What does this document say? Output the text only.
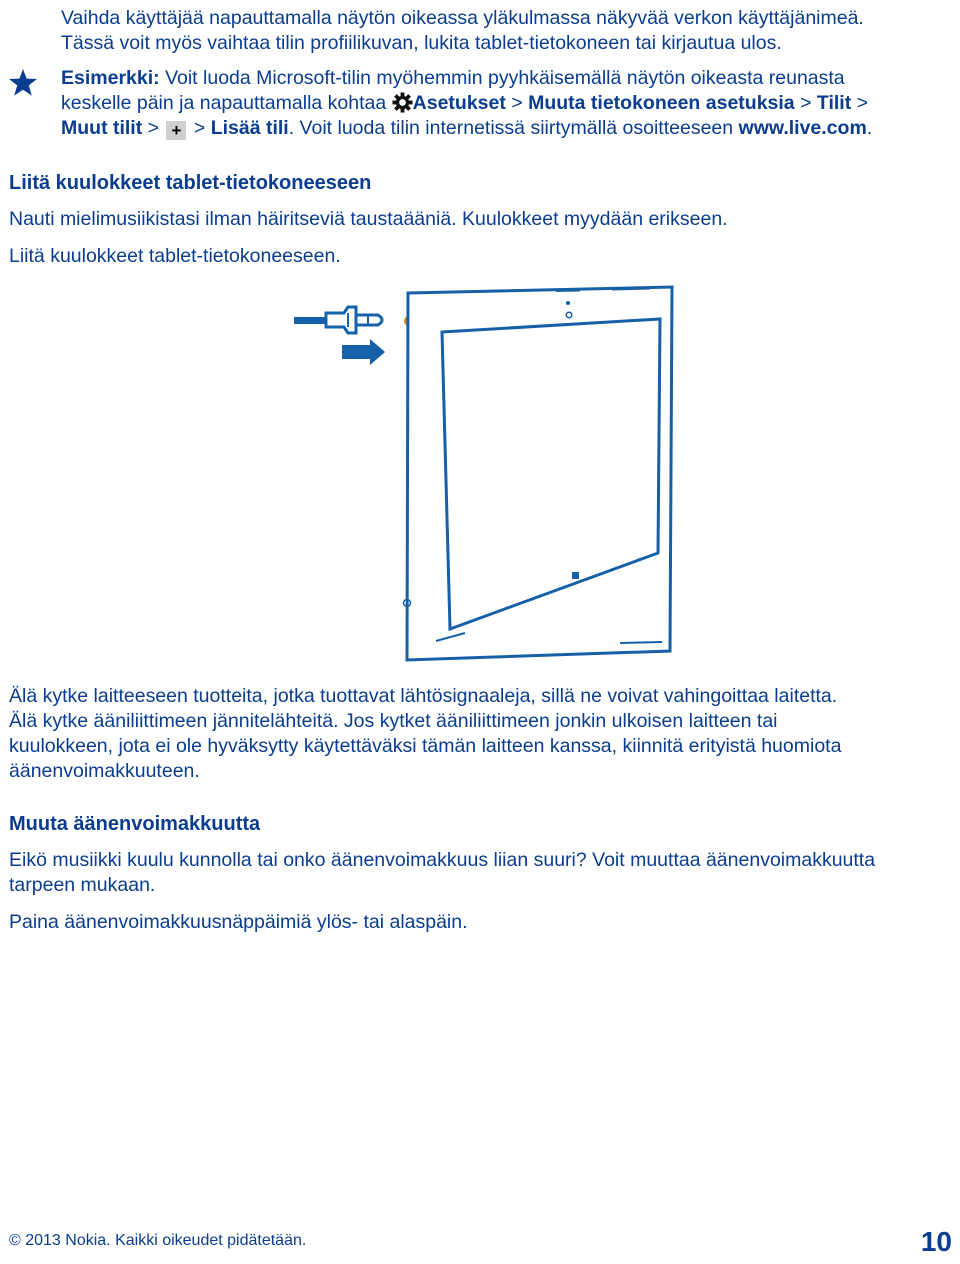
Vaihda käyttäjää napauttamalla näytön oikeassa yläkulmassa näkyvää verkon käyttäjänimeä.
Tässä voit myös vaihtaa tilin profiilikuvan, lukita tablet-tietokoneen tai kirjautua ulos.
Esimerkki: Voit luoda Microsoft-tilin myöhemmin pyyhkäisemällä näytön oikeasta reunasta
keskelle päin ja napauttamalla kohtaa Asetukset > Muuta tietokoneen asetuksia > Tilit >
Muut tilit > + > Lisää tili. Voit luoda tilin internetissä siirtymällä osoitteeseen www.live.com.
Liitä kuulokkeet tablet-tietokoneeseen
Nauti mielimusiikistasi ilman häiritseviä taustaääniä. Kuulokkeet myydään erikseen.
Liitä kuulokkeet tablet-tietokoneeseen.
Älä kytke laitteeseen tuotteita, jotka tuottavat lähtösignaaleja, sillä ne voivat vahingoittaa laitetta.
Älä kytke ääniliittimeen jännitelähteitä. Jos kytket ääniliittimeen jonkin ulkoisen laitteen tai
kuulokkeen, jota ei ole hyväksytty käytettäväksi tämän laitteen kanssa, kiinnitä erityistä huomiota
äänenvoimakkuuteen.
Muuta äänenvoimakkuutta
Eikö musiikki kuulu kunnolla tai onko äänenvoimakkuus liian suuri? Voit muuttaa äänenvoimakkuutta
tarpeen mukaan.
Paina äänenvoimakkuusnäppäimiä ylös- tai alaspäin.
© 2013 Nokia. Kaikki oikeudet pidätetään.	10
